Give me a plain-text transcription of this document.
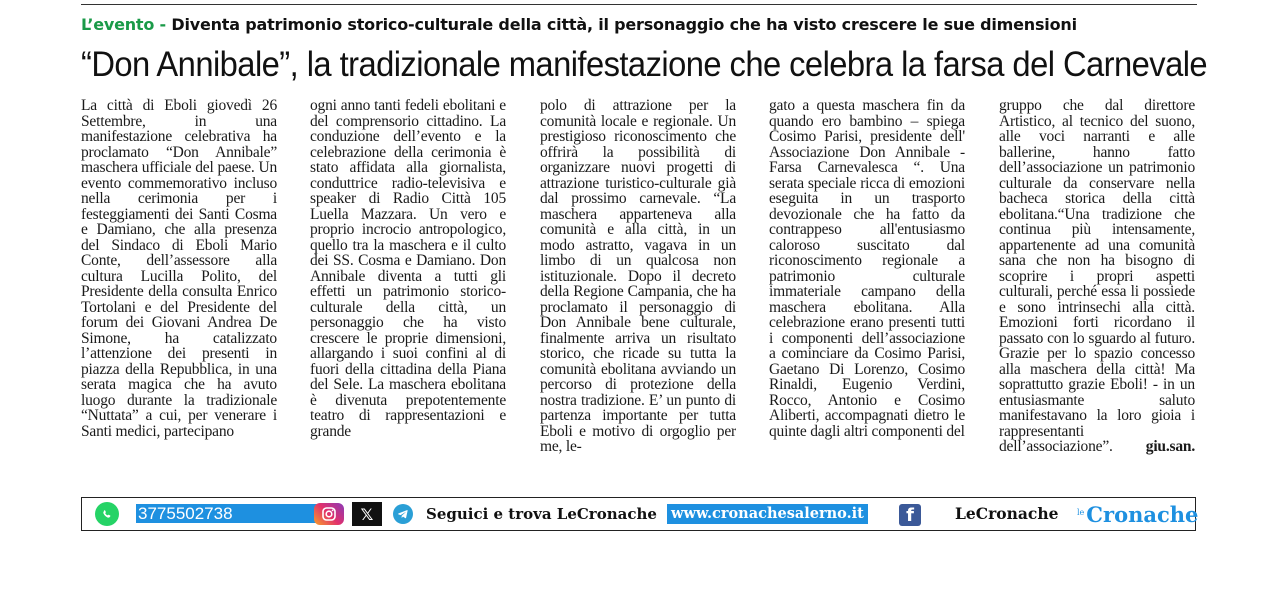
L’evento - Diventa patrimonio storico-culturale della città, il personaggio che ha visto crescere le sue dimensioni
“Don Annibale”, la tradizionale manifestazione che celebra la farsa del Carnevale
La città di Eboli giovedì 26 Settembre, in una manifestazione celebrativa ha proclamato “Don Annibale” maschera ufficiale del paese. Un evento commemorativo incluso nella cerimonia per i festeggiamenti dei Santi Cosma e Damiano, che alla presenza del Sindaco di Eboli Mario Conte, dell’assessore alla cultura Lucilla Polito, del Presidente della consulta Enrico Tortolani e del Presidente del forum dei Giovani Andrea De Simone, ha catalizzato l’attenzione dei presenti in piazza della Repubblica, in una serata magica che ha avuto luogo durante la tradizionale “Nuttata” a cui, per venerare i Santi medici, partecipano
ogni anno tanti fedeli ebolitani e del comprensorio cittadino. La conduzione dell’evento e la celebrazione della cerimonia è stato affidata alla giornalista, conduttrice radio-televisiva e speaker di Radio Città 105 Luella Mazzara. Un vero e proprio incrocio antropologico, quello tra la maschera e il culto dei SS. Cosma e Damiano. Don Annibale diventa a tutti gli effetti un patrimonio storico-culturale della città, un personaggio che ha visto crescere le proprie dimensioni, allargando i suoi confini al di fuori della cittadina della Piana del Sele. La maschera ebolitana è divenuta prepotentemente teatro di rappresentazioni e grande
polo di attrazione per la comunità locale e regionale. Un prestigioso riconoscimento che offrirà la possibilità di organizzare nuovi progetti di attrazione turistico-culturale già dal prossimo carnevale. “La maschera apparteneva alla comunità e alla città, in un modo astratto, vagava in un limbo di un qualcosa non istituzionale. Dopo il decreto della Regione Campania, che ha proclamato il personaggio di Don Annibale bene culturale, finalmente arriva un risultato storico, che ricade su tutta la comunità ebolitana avviando un percorso di protezione della nostra tradizione. E’ un punto di partenza importante per tutta Eboli e motivo di orgoglio per me, le-
gato a questa maschera fin da quando ero bambino – spiega Cosimo Parisi, presidente dell' Associazione Don Annibale - Farsa Carnevalesca “. Una serata speciale ricca di emozioni eseguita in un trasporto devozionale che ha fatto da contrappeso all'entusiasmo caloroso suscitato dal riconoscimento regionale a patrimonio culturale immateriale campano della maschera ebolitana. Alla celebrazione erano presenti tutti i componenti dell’associazione a cominciare da Cosimo Parisi, Gaetano Di Lorenzo, Cosimo Rinaldi, Eugenio Verdini, Rocco, Antonio e Cosimo Aliberti, accompagnati dietro le quinte dagli altri componenti del
gruppo che dal direttore Artistico, al tecnico del suono, alle voci narranti e alle ballerine, hanno fatto dell’associazione un patrimonio culturale da conservare nella bacheca storica della città ebolitana.“Una tradizione che continua più intensamente, appartenente ad una comunità sana che non ha bisogno di scoprire i propri aspetti culturali, perché essa li possiede e sono intrinsechi alla città. Emozioni forti ricordano il passato con lo sguardo al futuro. Grazie per lo spazio concesso alla maschera della città! Ma soprattutto grazie Eboli! - in un entusiasmante saluto manifestavano la loro gioia i rappresentanti dell’associazione”. giu.san.
3775502738	𝕏	Seguici e trova LeCronache www.cronachesalerno.it	f	LeCronache le Cronache
